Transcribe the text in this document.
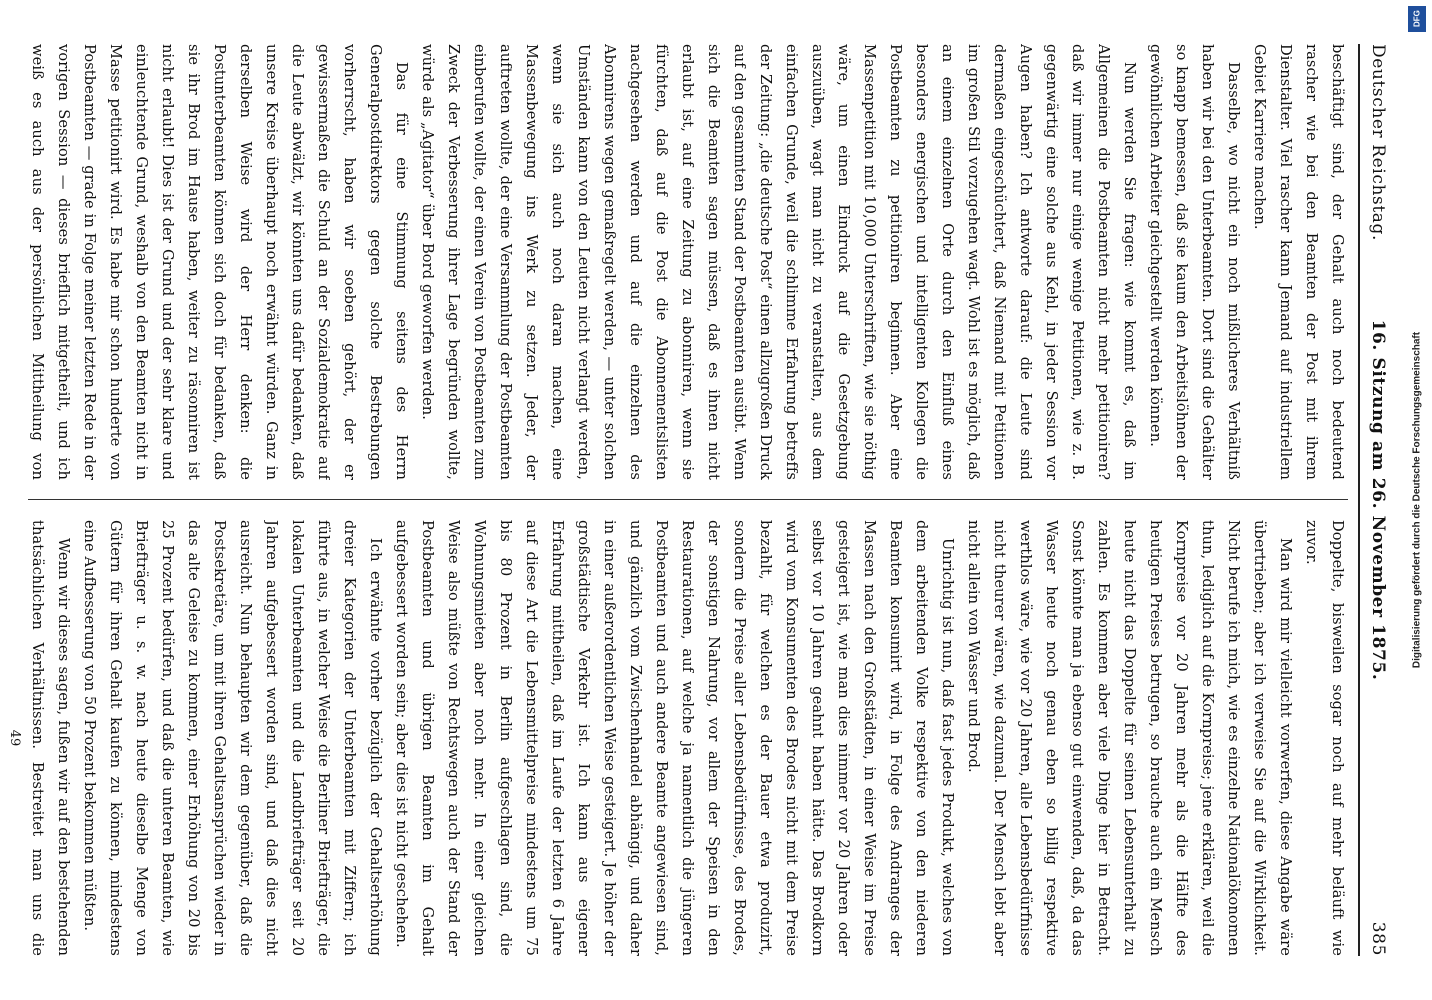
Deutscher Reichstag.
16. Sitzung am 26. November 1875.
385

beschäftigt sind, der Gehalt auch noch bedeutend rascher wie bei den Beamten der Post mit ihrem Dienstalter. Viel rascher kann Jemand auf industriellem Gebiet Karriere machen.

Dasselbe, wo nicht ein noch mißlicheres Verhältniß haben wir bei den Unterbeamten. Dort sind die Gehälter so knapp bemessen, daß sie kaum den Arbeitslöhnen der gewöhnlichen Arbeiter gleichgestellt werden können.

Nun werden Sie fragen: wie kommt es, daß im Allgemeinen die Postbeamten nicht mehr petitioniren? daß wir immer nur einige wenige Petitionen, wie z. B. gegenwärtig eine solche aus Kehl, in jeder Session vor Augen haben? Ich antworte darauf: die Leute sind dermaßen eingeschüchtert, daß Niemand mit Petitionen im großen Stil vorzugehen wagt. Wohl ist es möglich, daß an einem einzelnen Orte durch den Einfluß eines besonders energischen und intelligenten Kollegen die Postbeamten zu petitioniren beginnen. Aber eine Massenpetition mit 10,000 Unterschriften, wie sie nöthig wäre, um einen Eindruck auf die Gesetzgebung auszuüben, wagt man nicht zu veranstalten, aus dem einfachen Grunde, weil die schlimme Erfahrung betreffs der Zeitung: „die deutsche Post“ einen allzugroßen Druck auf den gesammten Stand der Postbeamten ausübt. Wenn sich die Beamten sagen müssen, daß es ihnen nicht erlaubt ist, auf eine Zeitung zu abonniren, wenn sie fürchten, daß auf die Post die Abonnementslisten nachgesehen werden und auf die einzelnen des Abonnirens wegen gemaßregelt werden, — unter solchen Umständen kann von den Leuten nicht verlangt werden, wenn sie sich auch noch daran machen, eine Massenbewegung ins Werk zu setzen. Jeder, der auftreten wollte, der eine Versammlung der Postbeamten einberufen wollte, der einen Verein von Postbeamten zum Zweck der Verbesserung ihrer Lage begründen wollte, würde als „Agitator“ über Bord geworfen werden.

Das für eine Stimmung seitens des Herrn Generalpostdirektors gegen solche Bestrebungen vorherrscht, haben wir soeben gehört, der er gewissermaßen die Schuld an der Sozialdemokratie auf die Leute abwälzt, wir könnten uns dafür bedanken, daß unsere Kreise überhaupt noch erwähnt würden. Ganz in derselben Weise wird der Herr denken: die Postunterbeamten können sich doch für bedanken, daß sie ihr Brod im Hause haben, weiter zu räsonniren ist nicht erlaubt! Dies ist der Grund und der sehr klare und einleuchtende Grund, weshalb von den Beamten nicht in Masse petitionirt wird. Es habe mir schon hunderte von Postbeamten — grade in Folge meiner letzten Rede in der vorigen Session — dieses brieflich mitgetheilt, und ich weiß es auch aus der persönlichen Mittheilung von

Doppelte, bisweilen sogar noch auf mehr beläuft wie zuvor.

Man wird mir vielleicht vorwerfen, diese Angabe wäre übertrieben; aber ich verweise Sie auf die Wirklichkeit. Nicht berufe ich mich, wie es einzelne Nationalökonomen thun, lediglich auf die Kornpreise; jene erklären, weil die Kornpreise vor 20 Jahren mehr als die Hälfte des heutigen Preises betrugen, so brauche auch ein Mensch heute nicht das Doppelte für seinen Lebensunterhalt zu zahlen. Es kommen aber viele Dinge hier in Betracht. Sonst könnte man ja ebenso gut einwenden, daß, da das Wasser heute noch genau eben so billig respektive werthlos wäre, wie vor 20 Jahren, alle Lebensbedürfnisse nicht theurer wären, wie dazumal. Der Mensch lebt aber nicht allein von Wasser und Brod.

Unrichtig ist nun, daß fast jedes Produkt, welches von dem arbeitenden Volke respektive von den niederen Beamten konsumirt wird, in Folge des Andranges der Massen nach den Großstädten, in einer Weise im Preise gesteigert ist, wie man dies nimmer vor 20 Jahren oder selbst vor 10 Jahren geahnt haben hätte. Das Brodkorn wird vom Konsumenten des Brodes nicht mit dem Preise bezahlt, für welchen es der Bauer etwa produzirt, sondern die Preise aller Lebensbedürfnisse, des Brodes, der sonstigen Nahrung, vor allem der Speisen in den Restaurationen, auf welche ja namentlich die jüngeren Postbeamten und auch andere Beamte angewiesen sind, und gänzlich vom Zwischenhandel abhängig, und daher in einer außerordentlichen Weise gesteigert. Je höher der großstädtische Verkehr ist. Ich kann aus eigener Erfahrung mittheilen, daß im Laufe der letzten 6 Jahre auf diese Art die Lebensmittelpreise mindestens um 75 bis 80 Prozent in Berlin aufgeschlagen sind, die Wohnungsmieten aber noch mehr. In einer gleichen Weise also müßte von Rechtswegen auch der Stand der Postbeamten und übrigen Beamten im Gehalt aufgebessert worden sein; aber dies ist nicht geschehen.

Ich erwähnte vorher bezüglich der Gehaltserhöhung dreier Kategorien der Unterbeamten mit Ziffern; ich führte aus, in welcher Weise die Berliner Briefträger, die lokalen Unterbeamten und die Landbriefträger seit 20 Jahren aufgebessert worden sind, und daß dies nicht ausreicht. Nun behaupten wir dem gegenüber, daß die Postsekretäre, um mit ihren Gehaltsansprüchen wieder in das alte Geleise zu kommen, einer Erhöhung von 20 bis 25 Prozent bedürfen, und daß die unteren Beamten, wie Briefträger u. s. w. nach heute dieselbe Menge von Gütern für ihren Gehalt kaufen zu können, mindestens eine Aufbesserung von 50 Prozent bekommen müßten.

Wenn wir dieses sagen, fußen wir auf den bestehenden thatsächlichen Verhältnissen. Bestreitet man uns die

49
DFG
Digitalisierung gefördert durch die Deutsche Forschungsgemeinschaft
